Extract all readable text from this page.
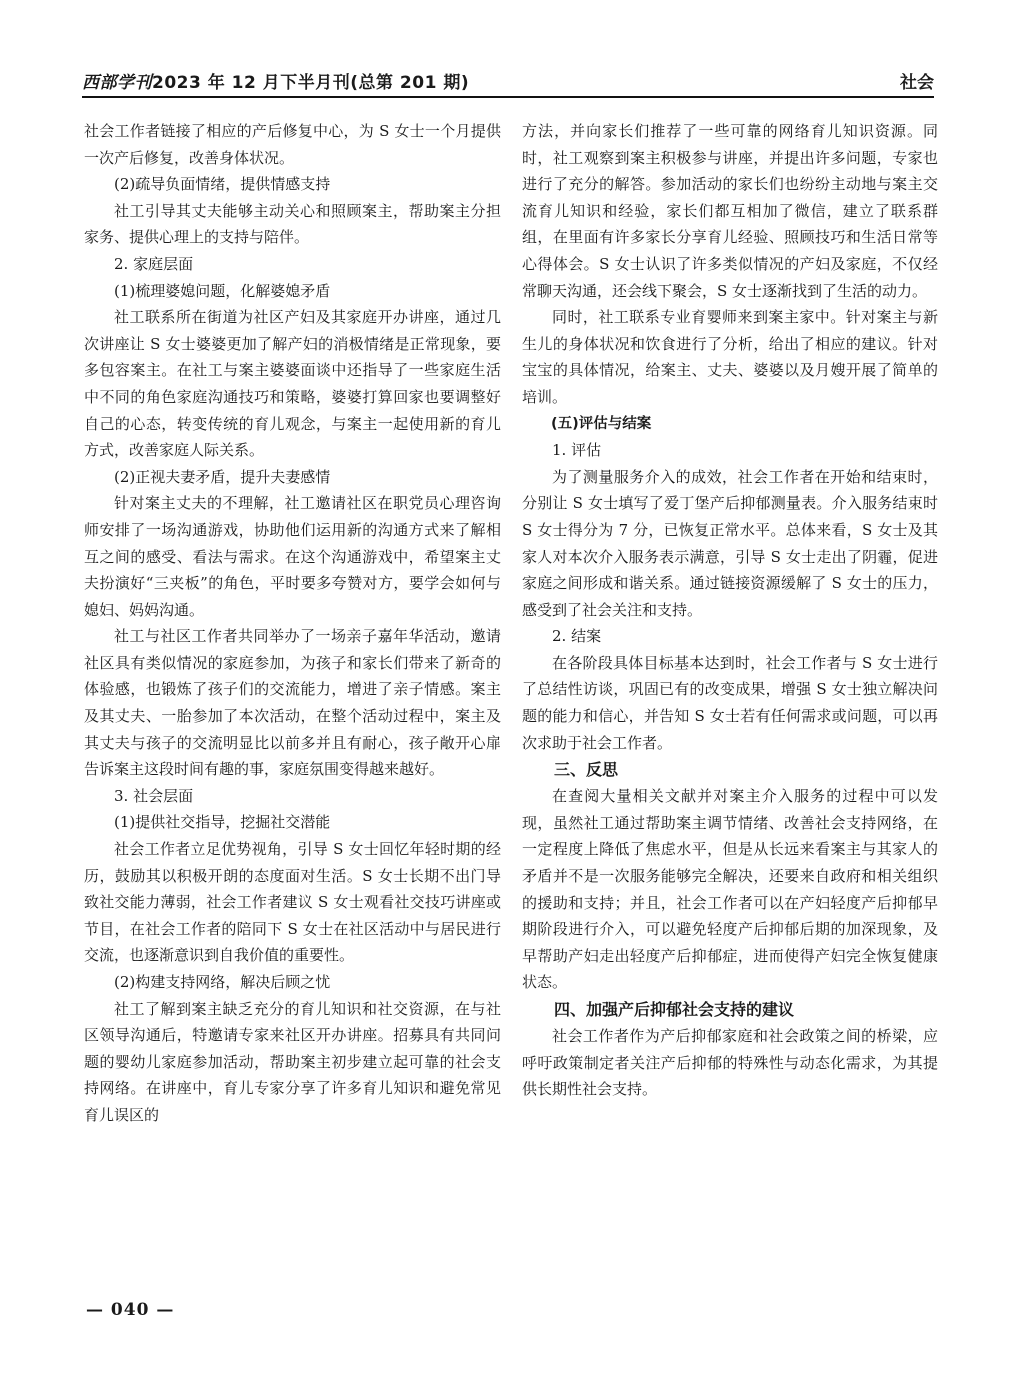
西部学刊2023 年 12 月下半月刊(总第 201 期)	社会

社会工作者链接了相应的产后修复中心，为 S 女士一个月提供一次产后修复，改善身体状况。

(2)疏导负面情绪，提供情感支持

社工引导其丈夫能够主动关心和照顾案主，帮助案主分担家务、提供心理上的支持与陪伴。

2. 家庭层面

(1)梳理婆媳问题，化解婆媳矛盾

社工联系所在街道为社区产妇及其家庭开办讲座，通过几次讲座让 S 女士婆婆更加了解产妇的消极情绪是正常现象，要多包容案主。在社工与案主婆婆面谈中还指导了一些家庭生活中不同的角色家庭沟通技巧和策略，婆婆打算回家也要调整好自己的心态，转变传统的育儿观念，与案主一起使用新的育儿方式，改善家庭人际关系。

(2)正视夫妻矛盾，提升夫妻感情

针对案主丈夫的不理解，社工邀请社区在职党员心理咨询师安排了一场沟通游戏，协助他们运用新的沟通方式来了解相互之间的感受、看法与需求。在这个沟通游戏中，希望案主丈夫扮演好“三夹板”的角色，平时要多夸赞对方，要学会如何与媳妇、妈妈沟通。

社工与社区工作者共同举办了一场亲子嘉年华活动，邀请社区具有类似情况的家庭参加，为孩子和家长们带来了新奇的体验感，也锻炼了孩子们的交流能力，增进了亲子情感。案主及其丈夫、一胎参加了本次活动，在整个活动过程中，案主及其丈夫与孩子的交流明显比以前多并且有耐心，孩子敞开心扉告诉案主这段时间有趣的事，家庭氛围变得越来越好。

3. 社会层面

(1)提供社交指导，挖掘社交潜能

社会工作者立足优势视角，引导 S 女士回忆年轻时期的经历，鼓励其以积极开朗的态度面对生活。S 女士长期不出门导致社交能力薄弱，社会工作者建议 S 女士观看社交技巧讲座或节目，在社会工作者的陪同下 S 女士在社区活动中与居民进行交流，也逐渐意识到自我价值的重要性。

(2)构建支持网络，解决后顾之忧

社工了解到案主缺乏充分的育儿知识和社交资源，在与社区领导沟通后，特邀请专家来社区开办讲座。招募具有共同问题的婴幼儿家庭参加活动，帮助案主初步建立起可靠的社会支持网络。在讲座中，育儿专家分享了许多育儿知识和避免常见育儿误区的

方法，并向家长们推荐了一些可靠的网络育儿知识资源。同时，社工观察到案主积极参与讲座，并提出许多问题，专家也进行了充分的解答。参加活动的家长们也纷纷主动地与案主交流育儿知识和经验，家长们都互相加了微信，建立了联系群组，在里面有许多家长分享育儿经验、照顾技巧和生活日常等心得体会。S 女士认识了许多类似情况的产妇及家庭，不仅经常聊天沟通，还会线下聚会，S 女士逐渐找到了生活的动力。

同时，社工联系专业育婴师来到案主家中。针对案主与新生儿的身体状况和饮食进行了分析，给出了相应的建议。针对宝宝的具体情况，给案主、丈夫、婆婆以及月嫂开展了简单的培训。

(五)评估与结案

1. 评估

为了测量服务介入的成效，社会工作者在开始和结束时，分别让 S 女士填写了爱丁堡产后抑郁测量表。介入服务结束时 S 女士得分为 7 分，已恢复正常水平。总体来看，S 女士及其家人对本次介入服务表示满意，引导 S 女士走出了阴霾，促进家庭之间形成和谐关系。通过链接资源缓解了 S 女士的压力，感受到了社会关注和支持。

2. 结案

在各阶段具体目标基本达到时，社会工作者与 S 女士进行了总结性访谈，巩固已有的改变成果，增强 S 女士独立解决问题的能力和信心，并告知 S 女士若有任何需求或问题，可以再次求助于社会工作者。

三、反思

在查阅大量相关文献并对案主介入服务的过程中可以发现，虽然社工通过帮助案主调节情绪、改善社会支持网络，在一定程度上降低了焦虑水平，但是从长远来看案主与其家人的矛盾并不是一次服务能够完全解决，还要来自政府和相关组织的援助和支持；并且，社会工作者可以在产妇轻度产后抑郁早期阶段进行介入，可以避免轻度产后抑郁后期的加深现象，及早帮助产妇走出轻度产后抑郁症，进而使得产妇完全恢复健康状态。

四、加强产后抑郁社会支持的建议

社会工作者作为产后抑郁家庭和社会政策之间的桥梁，应呼吁政策制定者关注产后抑郁的特殊性与动态化需求，为其提供长期性社会支持。

— 040 —
